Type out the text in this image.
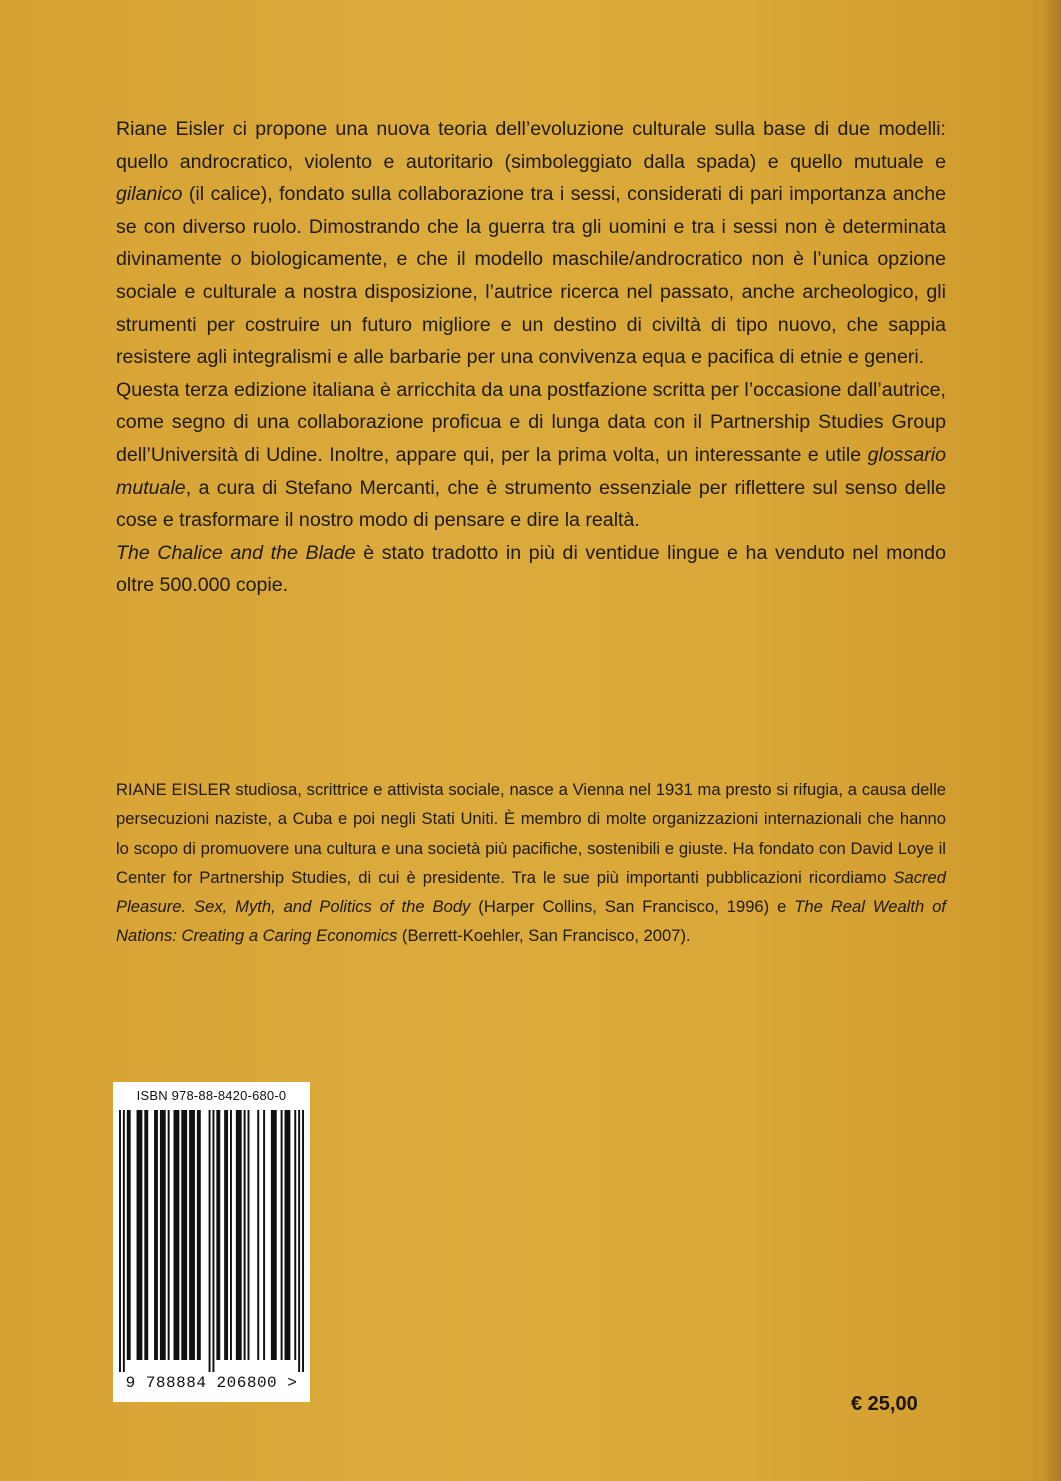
Riane Eisler ci propone una nuova teoria dell’evoluzione culturale sulla base di due modelli: quello androcratico, violento e autoritario (simboleggiato dalla spada) e quello mutuale e gilanico (il calice), fondato sulla collaborazione tra i sessi, considerati di pari importanza anche se con diverso ruolo. Dimostrando che la guerra tra gli uomini e tra i sessi non è determinata divinamente o biologicamente, e che il modello maschile/androcratico non è l’unica opzione sociale e culturale a nostra disposizione, l’autrice ricerca nel passato, anche archeologico, gli strumenti per costruire un futuro migliore e un destino di civiltà di tipo nuovo, che sappia resistere agli integralismi e alle barbarie per una convivenza equa e pacifica di etnie e generi.

Questa terza edizione italiana è arricchita da una postfazione scritta per l’occasione dall’autrice, come segno di una collaborazione proficua e di lunga data con il Partnership Studies Group dell’Università di Udine. Inoltre, appare qui, per la prima volta, un interessante e utile glossario mutuale, a cura di Stefano Mercanti, che è strumento essenziale per riflettere sul senso delle cose e trasformare il nostro modo di pensare e dire la realtà.

The Chalice and the Blade è stato tradotto in più di ventidue lingue e ha venduto nel mondo oltre 500.000 copie.

RIANE EISLER studiosa, scrittrice e attivista sociale, nasce a Vienna nel 1931 ma presto si rifugia, a causa delle persecuzioni naziste, a Cuba e poi negli Stati Uniti. È membro di molte organizzazioni internazionali che hanno lo scopo di promuovere una cultura e una società più pacifiche, sostenibili e giuste. Ha fondato con David Loye il Center for Partnership Studies, di cui è presidente. Tra le sue più importanti pubblicazioni ricordiamo Sacred Pleasure. Sex, Myth, and Politics of the Body (Harper Collins, San Francisco, 1996) e The Real Wealth of Nations: Creating a Caring Economics (Berrett-Koehler, San Francisco, 2007).

ISBN 978-88-8420-680-0
9 788884 206800 >
€ 25,00
